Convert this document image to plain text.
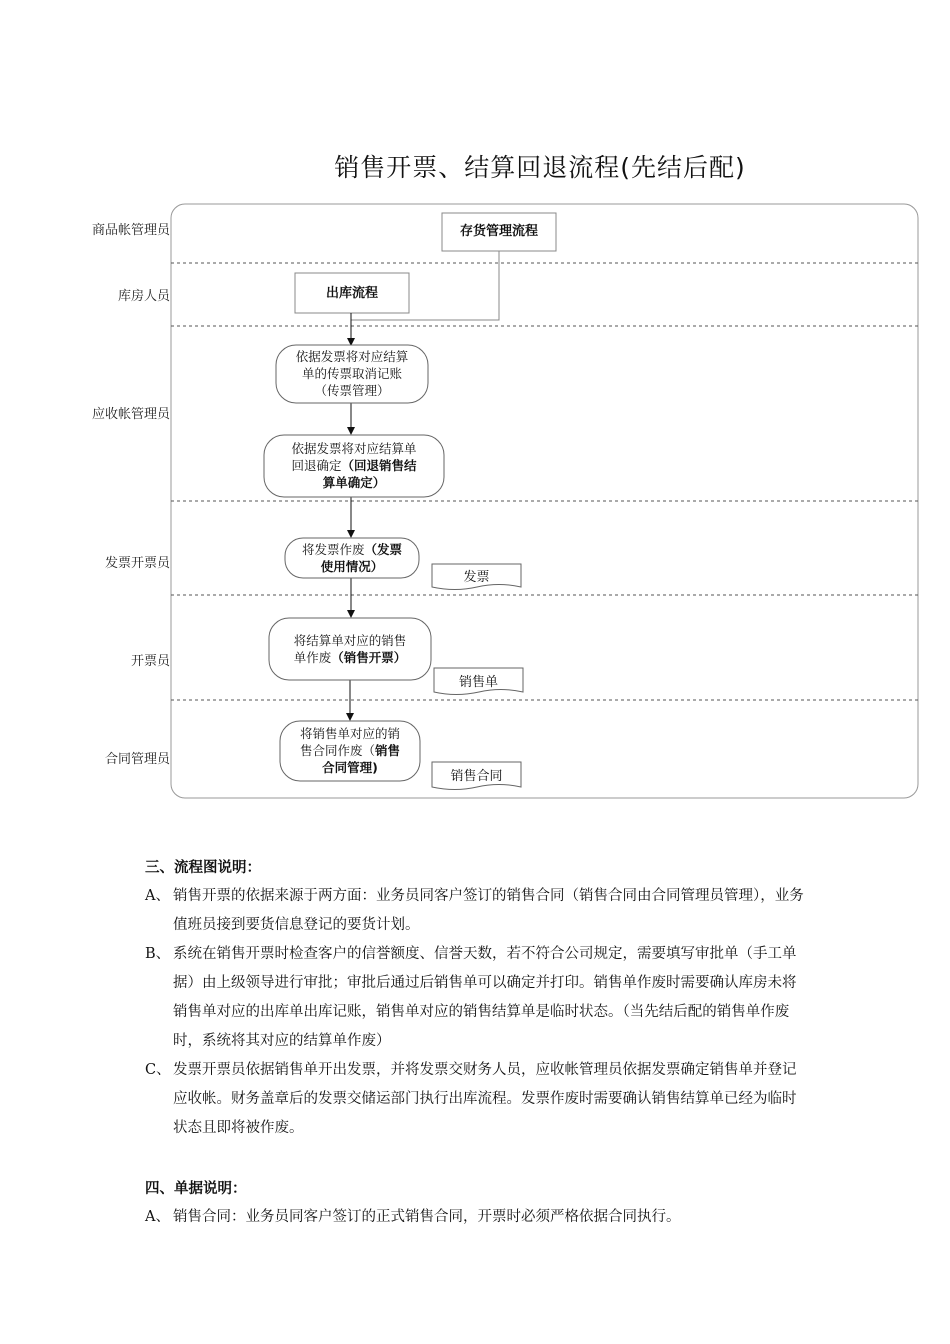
销售开票、结算回退流程(先结后配)
商品帐管理员
库房人员
应收帐管理员
发票开票员
开票员
合同管理员
存货管理流程
出库流程
依据发票将对应结算
单的传票取消记账
（传票管理）
依据发票将对应结算单
回退确定（回退销售结
算单确定）
将发票作废（发票
使用情况）
将结算单对应的销售
单作废（销售开票）
将销售单对应的销
售合同作废（销售
合同管理)
发票
销售单
销售合同
三、流程图说明：
A、 销售开票的依据来源于两方面：业务员同客户签订的销售合同（销售合同由合同管理员管理），业务值班员接到要货信息登记的要货计划。
B、 系统在销售开票时检查客户的信誉额度、信誉天数，若不符合公司规定，需要填写审批单（手工单据）由上级领导进行审批；审批后通过后销售单可以确定并打印。销售单作废时需要确认库房未将销售单对应的出库单出库记账，销售单对应的销售结算单是临时状态。（当先结后配的销售单作废时，系统将其对应的结算单作废）
C、 发票开票员依据销售单开出发票，并将发票交财务人员，应收帐管理员依据发票确定销售单并登记应收帐。财务盖章后的发票交储运部门执行出库流程。发票作废时需要确认销售结算单已经为临时状态且即将被作废。
四、单据说明：
A、 销售合同：业务员同客户签订的正式销售合同，开票时必须严格依据合同执行。
